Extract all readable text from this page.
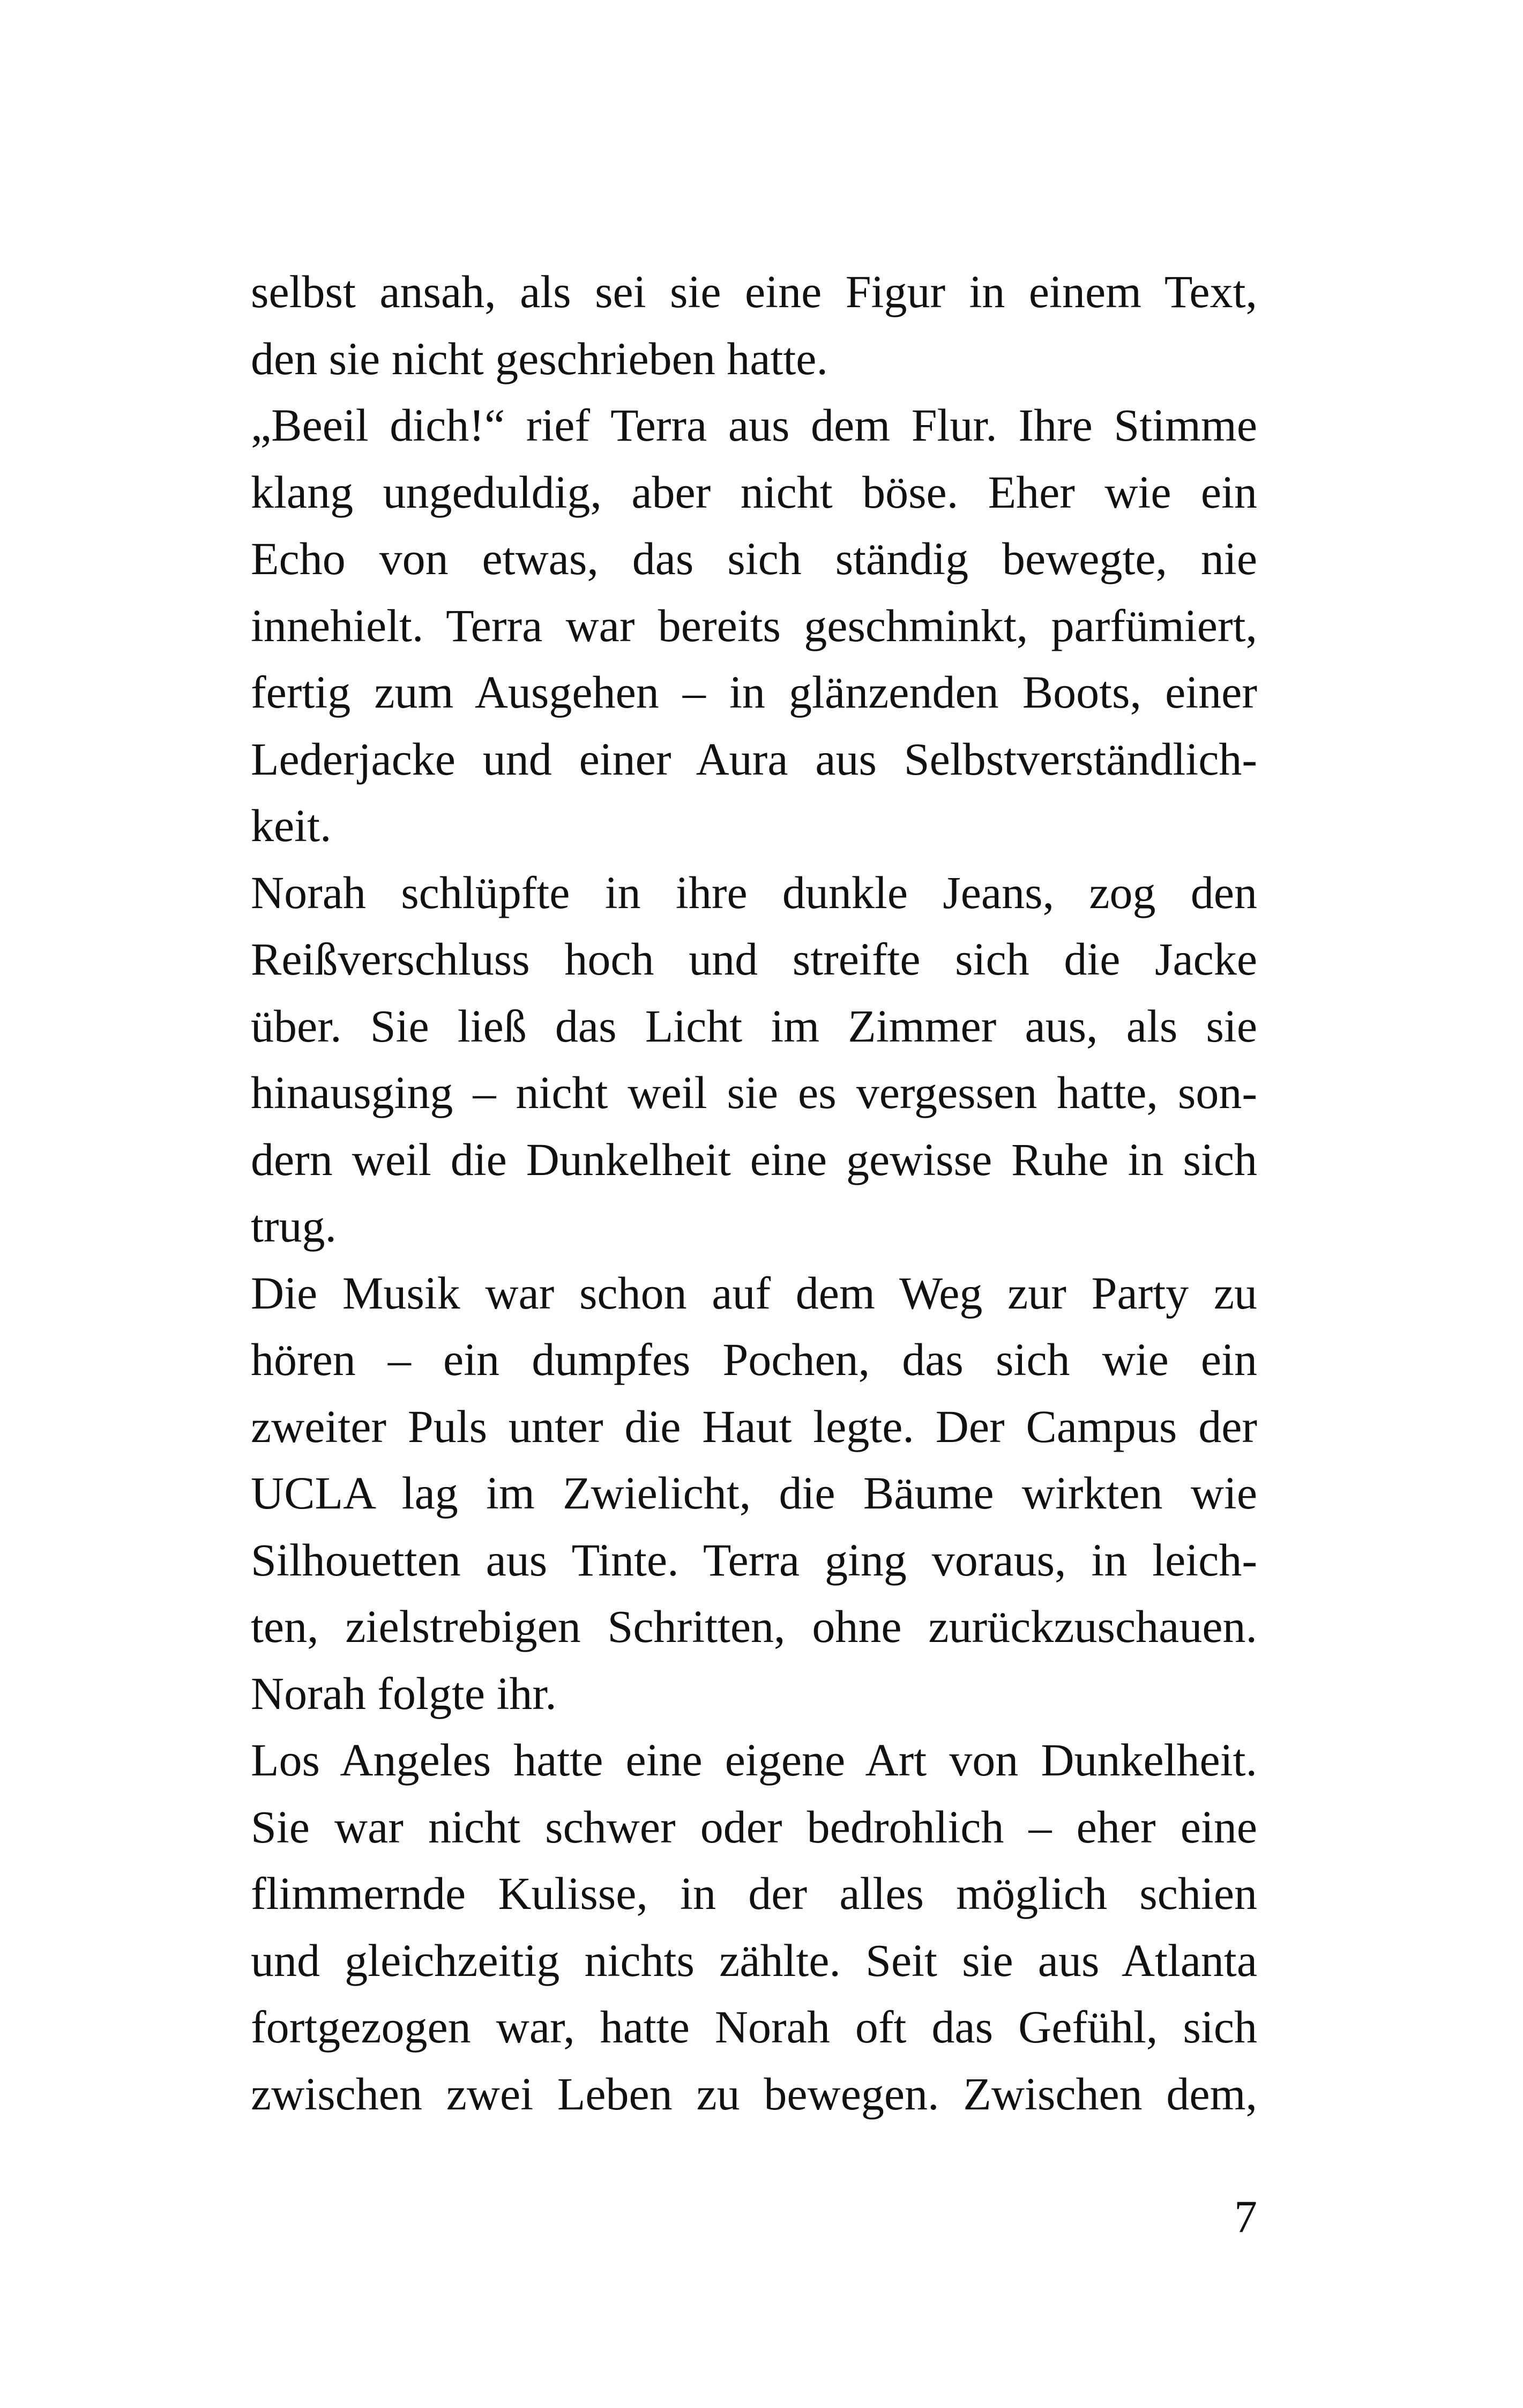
selbst ansah, als sei sie eine Figur in einem Text,
den sie nicht geschrieben hatte.
„Beeil dich!“ rief Terra aus dem Flur. Ihre Stimme
klang ungeduldig, aber nicht böse. Eher wie ein
Echo von etwas, das sich ständig bewegte, nie
innehielt. Terra war bereits geschminkt, parfümiert,
fertig zum Ausgehen – in glänzenden Boots, einer
Lederjacke und einer Aura aus Selbstverständlich-
keit.
Norah schlüpfte in ihre dunkle Jeans, zog den
Reißverschluss hoch und streifte sich die Jacke
über. Sie ließ das Licht im Zimmer aus, als sie
hinausging – nicht weil sie es vergessen hatte, son-
dern weil die Dunkelheit eine gewisse Ruhe in sich
trug.
Die Musik war schon auf dem Weg zur Party zu
hören – ein dumpfes Pochen, das sich wie ein
zweiter Puls unter die Haut legte. Der Campus der
UCLA lag im Zwielicht, die Bäume wirkten wie
Silhouetten aus Tinte. Terra ging voraus, in leich-
ten, zielstrebigen Schritten, ohne zurückzuschauen.
Norah folgte ihr.
Los Angeles hatte eine eigene Art von Dunkelheit.
Sie war nicht schwer oder bedrohlich – eher eine
flimmernde Kulisse, in der alles möglich schien
und gleichzeitig nichts zählte. Seit sie aus Atlanta
fortgezogen war, hatte Norah oft das Gefühl, sich
zwischen zwei Leben zu bewegen. Zwischen dem,
7
